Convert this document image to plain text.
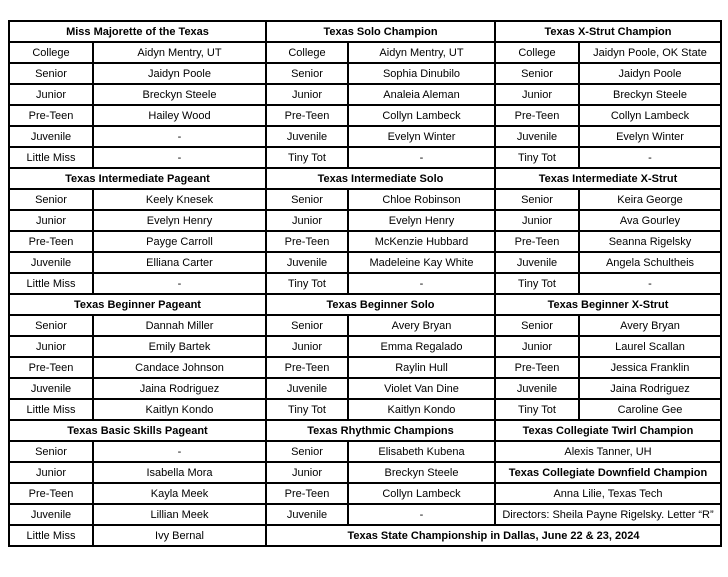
Miss Majorette of the Texas		Texas Solo Champion		Texas X-Strut Champion	
College	Aidyn Mentry, UT	College	Aidyn Mentry, UT	College	Jaidyn Poole, OK State
Senior	Jaidyn Poole	Senior	Sophia Dinubilo	Senior	Jaidyn Poole
Junior	Breckyn Steele	Junior	Analeia Aleman	Junior	Breckyn Steele
Pre-Teen	Hailey Wood	Pre-Teen	Collyn Lambeck	Pre-Teen	Collyn Lambeck
Juvenile	-	Juvenile	Evelyn Winter	Juvenile	Evelyn Winter
Little Miss	-	Tiny Tot	-	Tiny Tot	-
Texas Intermediate Pageant		Texas Intermediate Solo		Texas Intermediate X-Strut	
Senior	Keely Knesek	Senior	Chloe Robinson	Senior	Keira George
Junior	Evelyn Henry	Junior	Evelyn Henry	Junior	Ava Gourley
Pre-Teen	Payge Carroll	Pre-Teen	McKenzie Hubbard	Pre-Teen	Seanna Rigelsky
Juvenile	Elliana Carter	Juvenile	Madeleine Kay White	Juvenile	Angela Schultheis
Little Miss	-	Tiny Tot	-	Tiny Tot	-
Texas Beginner Pageant		Texas Beginner Solo		Texas Beginner X-Strut	
Senior	Dannah Miller	Senior	Avery Bryan	Senior	Avery Bryan
Junior	Emily Bartek	Junior	Emma Regalado	Junior	Laurel Scallan
Pre-Teen	Candace Johnson	Pre-Teen	Raylin Hull	Pre-Teen	Jessica Franklin
Juvenile	Jaina Rodriguez	Juvenile	Violet Van Dine	Juvenile	Jaina Rodriguez
Little Miss	Kaitlyn Kondo	Tiny Tot	Kaitlyn Kondo	Tiny Tot	Caroline Gee
Texas Basic Skills Pageant		Texas Rhythmic Champions		Texas Collegiate Twirl Champion	
Senior	-	Senior	Elisabeth Kubena	Alexis Tanner, UH	
Junior	Isabella Mora	Junior	Breckyn Steele	Texas Collegiate Downfield Champion	
Pre-Teen	Kayla Meek	Pre-Teen	Collyn Lambeck	Anna Lilie, Texas Tech	
Juvenile	Lillian Meek	Juvenile	-	Directors: Sheila Payne Rigelsky. Letter “R”	
Little Miss	Ivy Bernal	Texas State Championship in Dallas, June 22 & 23, 2024			
